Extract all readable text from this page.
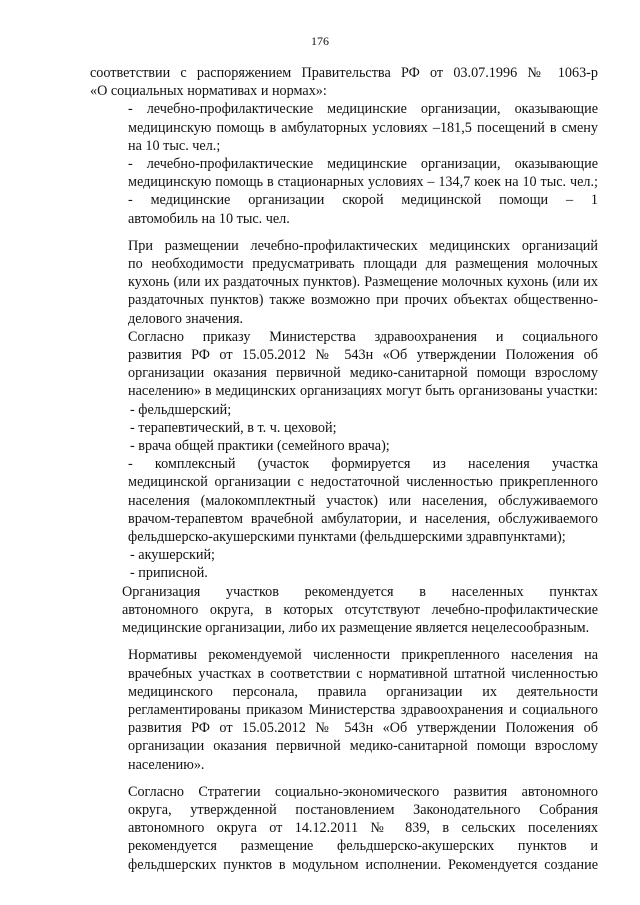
176
соответствии с распоряжением Правительства РФ от 03.07.1996 № 1063-р
«О социальных нормативах и нормах»:
- лечебно-профилактические медицинские организации, оказывающие
медицинскую помощь в амбулаторных условиях –181,5 посещений в смену
на 10 тыс. чел.;
- лечебно-профилактические медицинские организации, оказывающие
медицинскую помощь в стационарных условиях – 134,7 коек на 10 тыс. чел.;
- медицинские организации скорой медицинской помощи – 1
автомобиль на 10 тыс. чел.
При размещении лечебно-профилактических медицинских организаций
по необходимости предусматривать площади для размещения молочных
кухонь (или их раздаточных пунктов). Размещение молочных кухонь (или их
раздаточных пунктов) также возможно при прочих объектах общественно-
делового значения.
Согласно приказу Министерства здравоохранения и социального
развития РФ от 15.05.2012 № 543н «Об утверждении Положения об
организации оказания первичной медико-санитарной помощи взрослому
населению» в медицинских организациях могут быть организованы участки:
- фельдшерский;
- терапевтический, в т. ч. цеховой;
- врача общей практики (семейного врача);
- комплексный (участок формируется из населения участка
медицинской организации с недостаточной численностью прикрепленного
населения (малокомплектный участок) или населения, обслуживаемого
врачом-терапевтом врачебной амбулатории, и населения, обслуживаемого
фельдшерско-акушерскими пунктами (фельдшерскими здравпунктами);
- акушерский;
- приписной.
Организация участков рекомендуется в населенных пунктах
автономного округа, в которых отсутствуют лечебно-профилактические
медицинские организации, либо их размещение является нецелесообразным.
Нормативы рекомендуемой численности прикрепленного населения на
врачебных участках в соответствии с нормативной штатной численностью
медицинского персонала, правила организации их деятельности
регламентированы приказом Министерства здравоохранения и социального
развития РФ от 15.05.2012 № 543н «Об утверждении Положения об
организации оказания первичной медико-санитарной помощи взрослому
населению».
Согласно Стратегии социально-экономического развития автономного
округа, утвержденной постановлением Законодательного Собрания
автономного округа от 14.12.2011 № 839, в сельских поселениях
рекомендуется размещение фельдшерско-акушерских пунктов и
фельдшерских пунктов в модульном исполнении. Рекомендуется создание
